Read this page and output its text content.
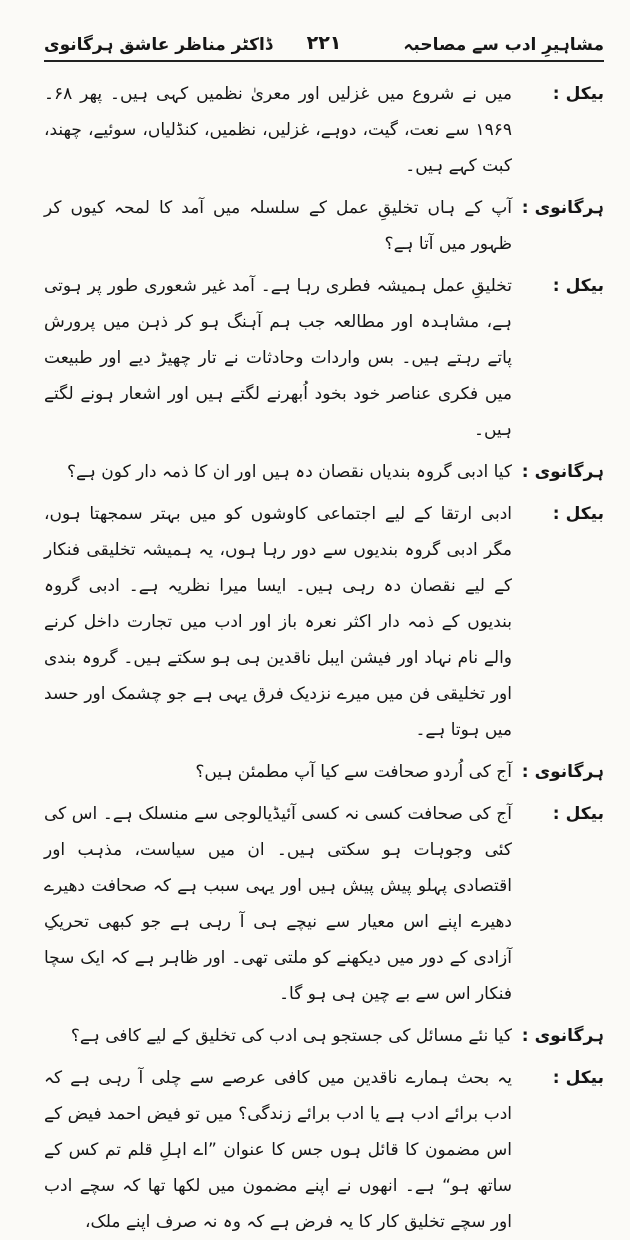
مشاہیرِ ادب سے مصاحبہ
۲۲۱
ڈاکٹر مناظر عاشق ہرگانوی
بیکل:
میں نے شروع میں غزلیں اور معریٰ نظمیں کہی ہیں۔ پھر ۶۸۔۱۹۶۹ سے نعت، گیت، دوہے، غزلیں، نظمیں، کنڈلیاں، سوئیے، چھند، کبت کہے ہیں۔
ہرگانوی:
آپ کے ہاں تخلیقِ عمل کے سلسلہ میں آمد کا لمحہ کیوں کر ظہور میں آتا ہے؟
بیکل:
تخلیقِ عمل ہمیشہ فطری رہا ہے۔ آمد غیر شعوری طور پر ہوتی ہے، مشاہدہ اور مطالعہ جب ہم آہنگ ہو کر ذہن میں پرورش پاتے رہتے ہیں۔ بس واردات وحادثات نے تار چھیڑ دیے اور طبیعت میں فکری عناصر خود بخود اُبھرنے لگتے ہیں اور اشعار ہونے لگتے ہیں۔
ہرگانوی:
کیا ادبی گروہ بندیاں نقصان دہ ہیں اور ان کا ذمہ دار کون ہے؟
بیکل:
ادبی ارتقا کے لیے اجتماعی کاوشوں کو میں بہتر سمجھتا ہوں، مگر ادبی گروہ بندیوں سے دور رہا ہوں، یہ ہمیشہ تخلیقی فنکار کے لیے نقصان دہ رہی ہیں۔ ایسا میرا نظریہ ہے۔ ادبی گروہ بندیوں کے ذمہ دار اکثر نعرہ باز اور ادب میں تجارت داخل کرنے والے نام نہاد اور فیشن ایبل ناقدین ہی ہو سکتے ہیں۔ گروہ بندی اور تخلیقی فن میں میرے نزدیک فرق یہی ہے جو چشمک اور حسد میں ہوتا ہے۔
ہرگانوی:
آج کی اُردو صحافت سے کیا آپ مطمئن ہیں؟
بیکل:
آج کی صحافت کسی نہ کسی آئیڈیالوجی سے منسلک ہے۔ اس کی کئی وجوہات ہو سکتی ہیں۔ ان میں سیاست، مذہب اور اقتصادی پہلو پیش پیش ہیں اور یہی سبب ہے کہ صحافت دھیرے دھیرے اپنے اس معیار سے نیچے ہی آ رہی ہے جو کبھی تحریکِ آزادی کے دور میں دیکھنے کو ملتی تھی۔ اور ظاہر ہے کہ ایک سچا فنکار اس سے بے چین ہی ہو گا۔
ہرگانوی:
کیا نئے مسائل کی جستجو ہی ادب کی تخلیق کے لیے کافی ہے؟
بیکل:
یہ بحث ہمارے ناقدین میں کافی عرصے سے چلی آ رہی ہے کہ ادب برائے ادب ہے یا ادب برائے زندگی؟ میں تو فیض احمد فیض کے اس مضمون کا قائل ہوں جس کا عنوان ”اے اہلِ قلم تم کس کے ساتھ ہو“ ہے۔ انھوں نے اپنے مضمون میں لکھا تھا کہ سچے ادب اور سچے تخلیق کار کا یہ فرض ہے کہ وہ نہ صرف اپنے ملک،
